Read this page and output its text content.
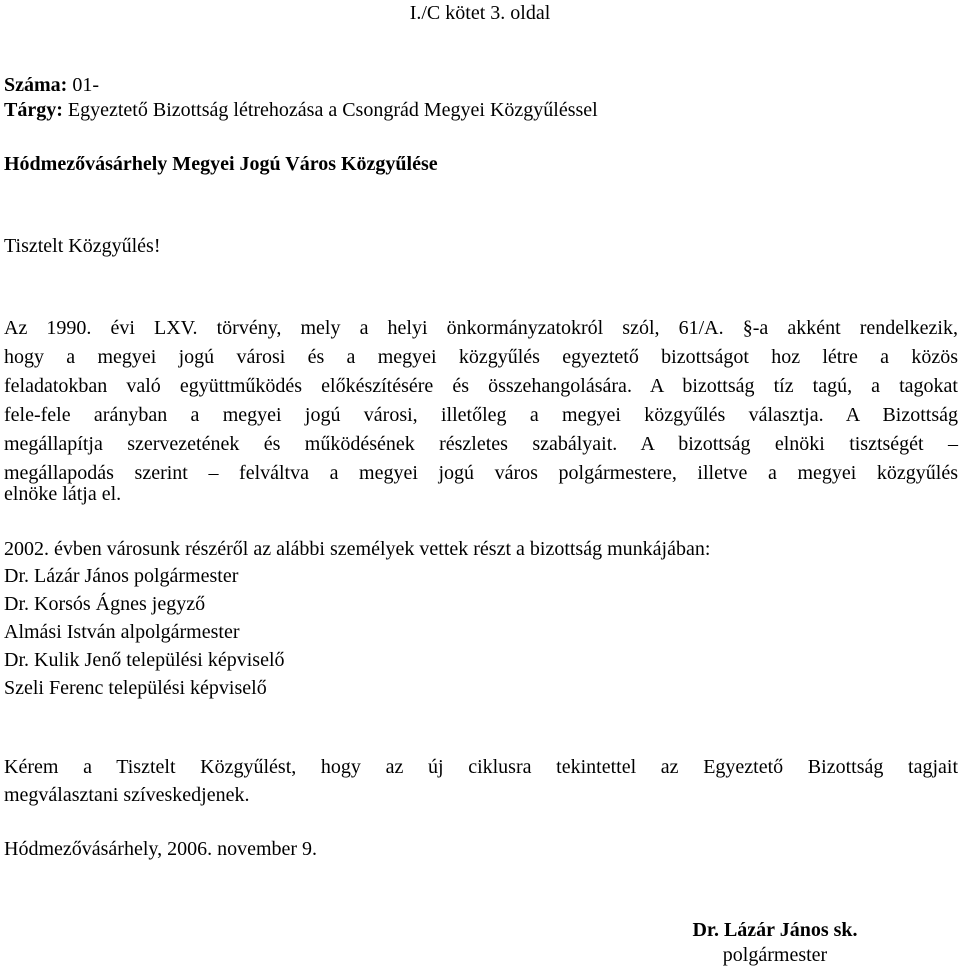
I./C kötet 3. oldal
Száma: 01-
Tárgy: Egyeztető Bizottság létrehozása a Csongrád Megyei Közgyűléssel
Hódmezővásárhely Megyei Jogú Város Közgyűlése
Tisztelt Közgyűlés!
Az 1990. évi LXV. törvény, mely a helyi önkormányzatokról szól, 61/A. §-a akként rendelkezik,
hogy a megyei jogú városi és a megyei közgyűlés egyeztető bizottságot hoz létre a közös
feladatokban való együttműködés előkészítésére és összehangolására. A bizottság tíz tagú, a tagokat
fele-fele arányban a megyei jogú városi, illetőleg a megyei közgyűlés választja. A Bizottság
megállapítja szervezetének és működésének részletes szabályait. A bizottság elnöki tisztségét –
megállapodás szerint – felváltva a megyei jogú város polgármestere, illetve a megyei közgyűlés
elnöke látja el.
2002. évben városunk részéről az alábbi személyek vettek részt a bizottság munkájában:
Dr. Lázár János polgármester
Dr. Korsós Ágnes jegyző
Almási István alpolgármester
Dr. Kulik Jenő települési képviselő
Szeli Ferenc települési képviselő
Kérem a Tisztelt Közgyűlést, hogy az új ciklusra tekintettel az Egyeztető Bizottság tagjait
megválasztani szíveskedjenek.
Hódmezővásárhely, 2006. november 9.
Dr. Lázár János sk.
polgármester
